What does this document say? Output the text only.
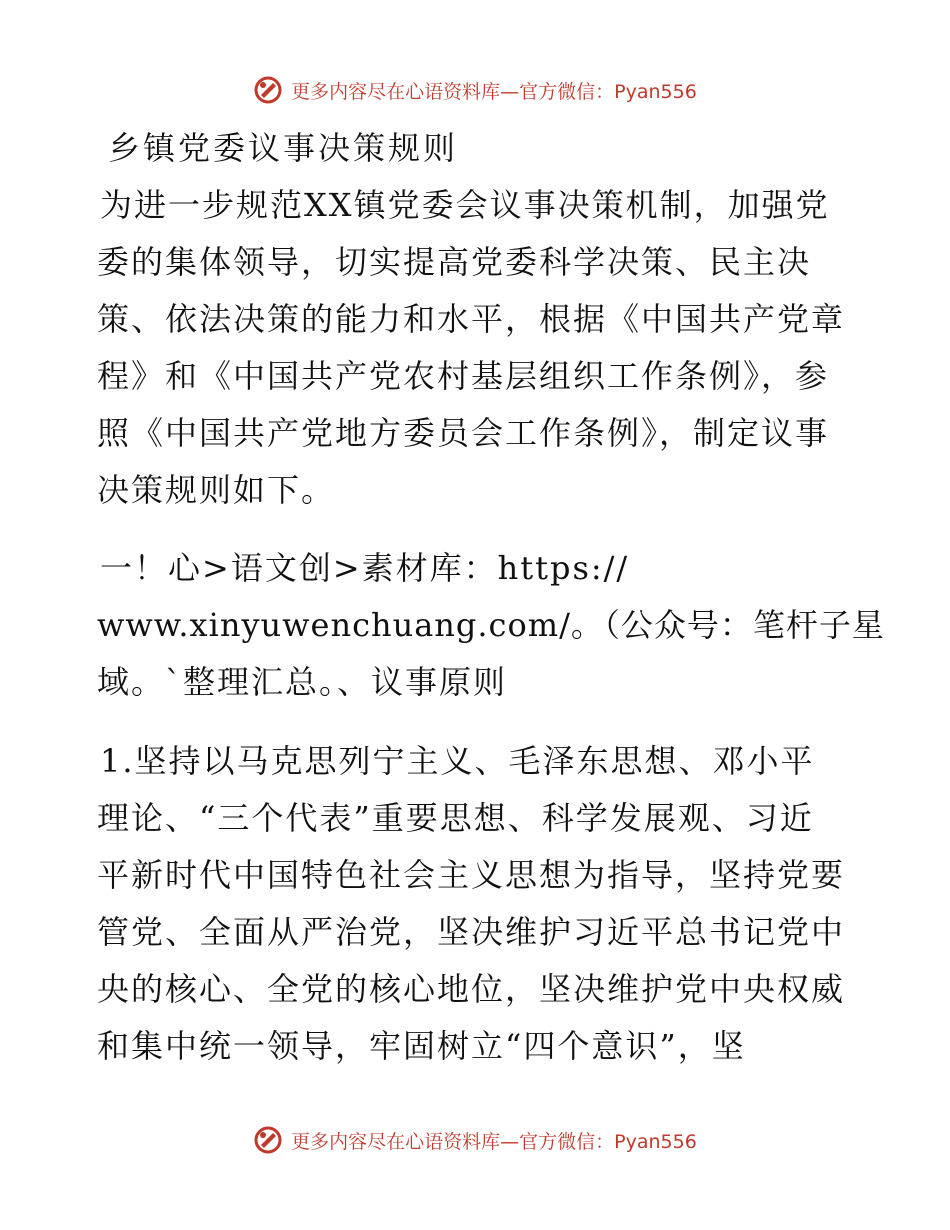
更多内容尽在心语资料库—官方微信：Pyan556
乡镇党委议事决策规则
为进一步规范XX镇党委会议事决策机制，加强党
委的集体领导，切实提高党委科学决策、民主决
策、依法决策的能力和水平，根据《中国共产党章
程》和《中国共产党农村基层组织工作条例》，参
照《中国共产党地方委员会工作条例》，制定议事
决策规则如下。
一！心>语文创>素材库：https://
www.xinyuwenchuang.com/。（公众号：笔杆子星
域。`整理汇总。、议事原则
1.坚持以马克思列宁主义、毛泽东思想、邓小平
理论、“三个代表”重要思想、科学发展观、习近
平新时代中国特色社会主义思想为指导，坚持党要
管党、全面从严治党，坚决维护习近平总书记党中
央的核心、全党的核心地位，坚决维护党中央权威
和集中统一领导，牢固树立“四个意识”，坚
更多内容尽在心语资料库—官方微信：Pyan556
